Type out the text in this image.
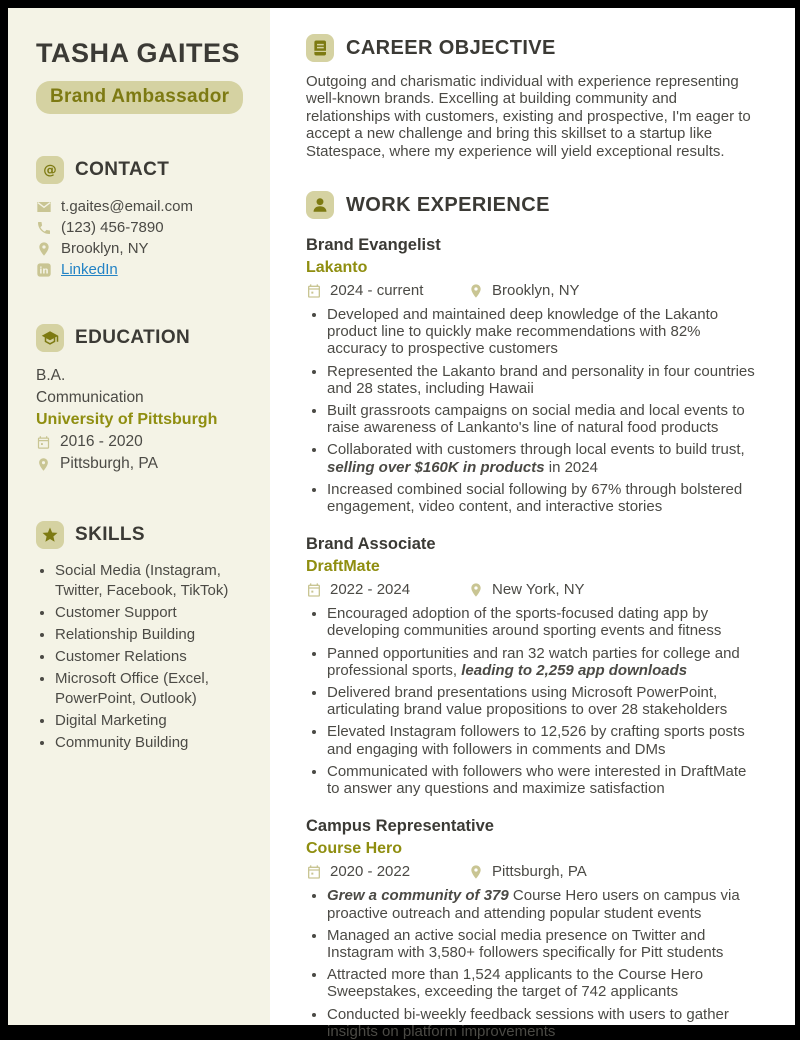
TASHA GAITES
Brand Ambassador
@ CONTACT
t.gaites@email.com
(123) 456-7890
Brooklyn, NY
in LinkedIn
EDUCATION
B.A.
Communication
University of Pittsburgh
2016 - 2020
Pittsburgh, PA
SKILLS
• Social Media (Instagram, Twitter, Facebook, TikTok)
• Customer Support
• Relationship Building
• Customer Relations
• Microsoft Office (Excel, PowerPoint, Outlook)
• Digital Marketing
• Community Building
CAREER OBJECTIVE

Outgoing and charismatic individual with experience representing well-known brands. Excelling at building community and relationships with customers, existing and prospective, I'm eager to accept a new challenge and bring this skillset to a startup like Statespace, where my experience will yield exceptional results.

WORK EXPERIENCE
Brand Evangelist
Lakanto
2024 - current	Brooklyn, NY
• Developed and maintained deep knowledge of the Lakanto product line to quickly make recommendations with 82% accuracy to prospective customers
• Represented the Lakanto brand and personality in four countries and 28 states, including Hawaii
• Built grassroots campaigns on social media and local events to raise awareness of Lankanto's line of natural food products
• Collaborated with customers through local events to build trust, selling over $160K in products in 2024
• Increased combined social following by 67% through bolstered engagement, video content, and interactive stories
Brand Associate
DraftMate
2022 - 2024	New York, NY
• Encouraged adoption of the sports-focused dating app by developing communities around sporting events and fitness
• Panned opportunities and ran 32 watch parties for college and professional sports, leading to 2,259 app downloads
• Delivered brand presentations using Microsoft PowerPoint, articulating brand value propositions to over 28 stakeholders
• Elevated Instagram followers to 12,526 by crafting sports posts and engaging with followers in comments and DMs
• Communicated with followers who were interested in DraftMate to answer any questions and maximize satisfaction
Campus Representative
Course Hero
2020 - 2022	Pittsburgh, PA
• Grew a community of 379 Course Hero users on campus via proactive outreach and attending popular student events
• Managed an active social media presence on Twitter and Instagram with 3,580+ followers specifically for Pitt students
• Attracted more than 1,524 applicants to the Course Hero Sweepstakes, exceeding the target of 742 applicants
• Conducted bi-weekly feedback sessions with users to gather insights on platform improvements
